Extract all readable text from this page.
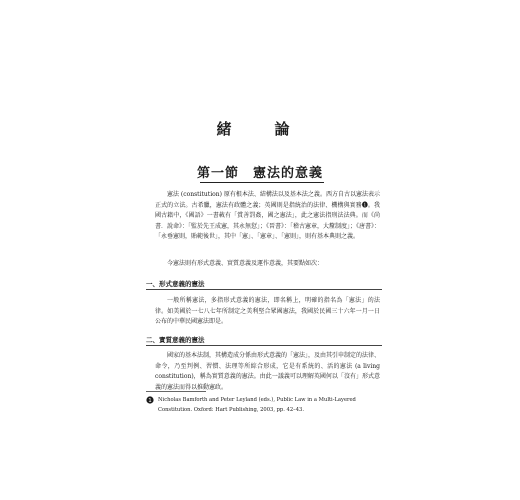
緒　論
第一節　憲法的意義

憲法 (constitution) 原有根本法、結構法以及基本法之義。西方自古以憲法表示正式的立法。古希臘，憲法有政體之義；英國則是指統治的法律、機構與實務❶。我國古籍中，《國語》一書載有「賞善罰姦，國之憲法」，此之憲法指刑法法典。而《尚書．說命》：「監於先王成憲，其永無愆」；《晉書》：「稽古憲章，大釐制度」；《唐書》：「永垂憲則，貽範後世」，其中「憲」、「憲章」、「憲則」，則有基本典則之義。

今憲法則有形式意義、實質意義及運作意義，其要點如次：

一、形式意義的憲法

一般所稱憲法，多指形式意義的憲法，即名稱上，明確的指名為「憲法」的法律。如美國於一七八七年所制定之美利堅合眾國憲法，我國於民國三十六年一月一日公布的中華民國憲法即是。

二、實質意義的憲法

國家的基本法制，其構造成分係由形式意義的「憲法」，及由其引申制定的法律、命令，乃至判例、習慣、法理等所綜合形成，它是有系統的、活的憲法 (a living constitution)，稱為實質意義的憲法。由此一議義可以理解英國何以「沒有」形式意義的憲法而得以推動憲政。

1 Nicholas Bamforth and Peter Leyland (eds.), Public Law in a Multi-Layered Constitution. Oxford: Hart Publishing, 2003, pp. 42–43.
